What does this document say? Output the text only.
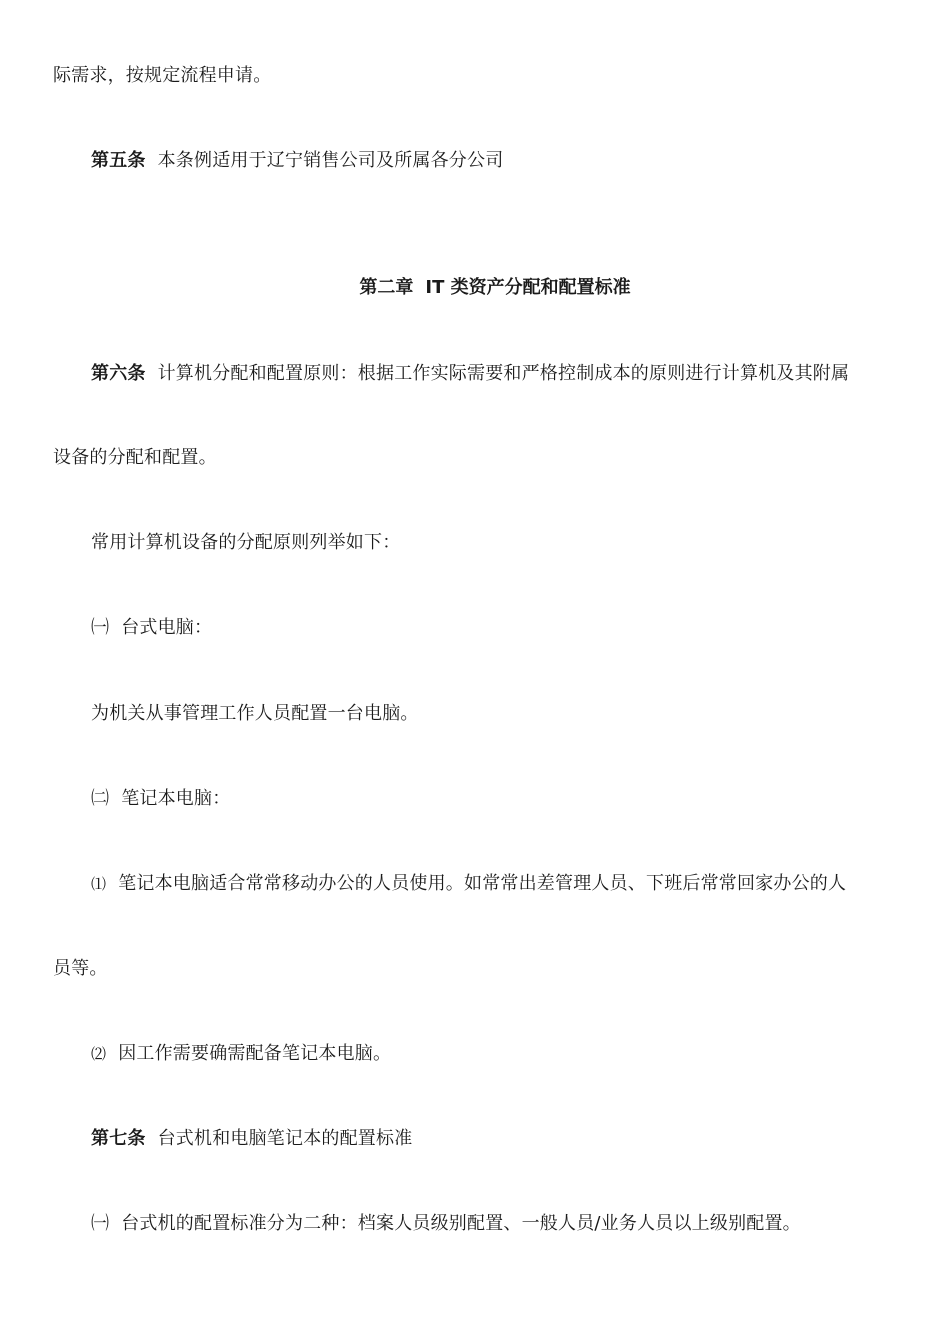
际需求，按规定流程申请。
第五条 本条例适用于辽宁销售公司及所属各分公司
第二章 IT 类资产分配和配置标准
第六条 计算机分配和配置原则：根据工作实际需要和严格控制成本的原则进行计算机及其附属
设备的分配和配置。
常用计算机设备的分配原则列举如下：
㈠ 台式电脑：
为机关从事管理工作人员配置一台电脑。
㈡ 笔记本电脑：
⑴ 笔记本电脑适合常常移动办公的人员使用。如常常出差管理人员、下班后常常回家办公的人
员等。
⑵ 因工作需要确需配备笔记本电脑。
第七条 台式机和电脑笔记本的配置标准
㈠ 台式机的配置标准分为二种：档案人员级别配置、一般人员/业务人员以上级别配置。
